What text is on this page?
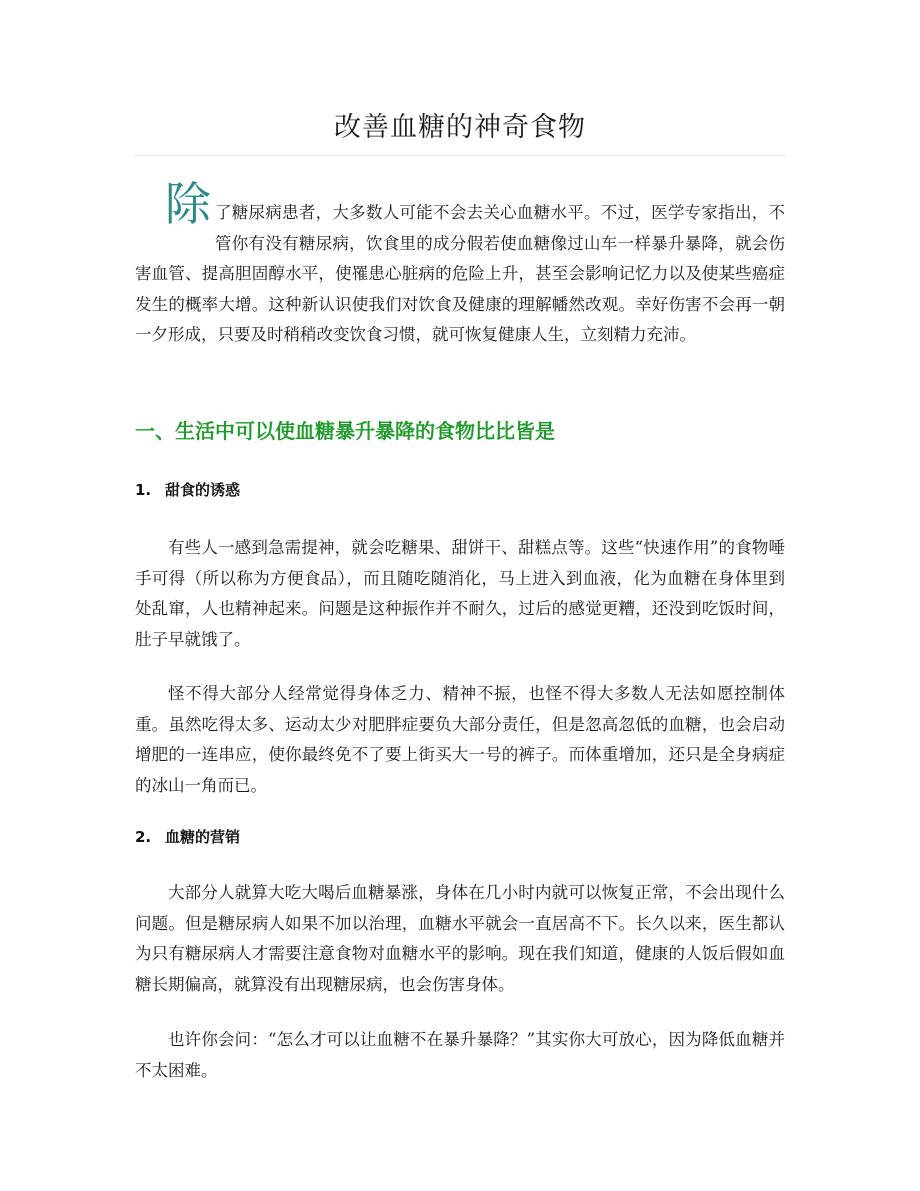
改善血糖的神奇食物

除 了糖尿病患者，大多数人可能不会去关心血糖水平。不过，医学专家指出，不管你有没有糖尿病，饮食里的成分假若使血糖像过山车一样暴升暴降，就会伤害血管、提高胆固醇水平，使罹患心脏病的危险上升，甚至会影响记忆力以及使某些癌症发生的概率大增。这种新认识使我们对饮食及健康的理解幡然改观。幸好伤害不会再一朝一夕形成，只要及时稍稍改变饮食习惯，就可恢复健康人生，立刻精力充沛。

一、生活中可以使血糖暴升暴降的食物比比皆是
1. 甜食的诱惑

有些人一感到急需提神，就会吃糖果、甜饼干、甜糕点等。这些“快速作用”的食物唾手可得（所以称为方便食品），而且随吃随消化，马上进入到血液，化为血糖在身体里到处乱窜，人也精神起来。问题是这种振作并不耐久，过后的感觉更糟，还没到吃饭时间，肚子早就饿了。

怪不得大部分人经常觉得身体乏力、精神不振，也怪不得大多数人无法如愿控制体重。虽然吃得太多、运动太少对肥胖症要负大部分责任，但是忽高忽低的血糖，也会启动增肥的一连串应，使你最终免不了要上街买大一号的裤子。而体重增加，还只是全身病症的冰山一角而已。

2. 血糖的营销

大部分人就算大吃大喝后血糖暴涨，身体在几小时内就可以恢复正常，不会出现什么问题。但是糖尿病人如果不加以治理，血糖水平就会一直居高不下。长久以来，医生都认为只有糖尿病人才需要注意食物对血糖水平的影响。现在我们知道，健康的人饭后假如血糖长期偏高，就算没有出现糖尿病，也会伤害身体。

也许你会问：“怎么才可以让血糖不在暴升暴降？”其实你大可放心，因为降低血糖并不太困难。
